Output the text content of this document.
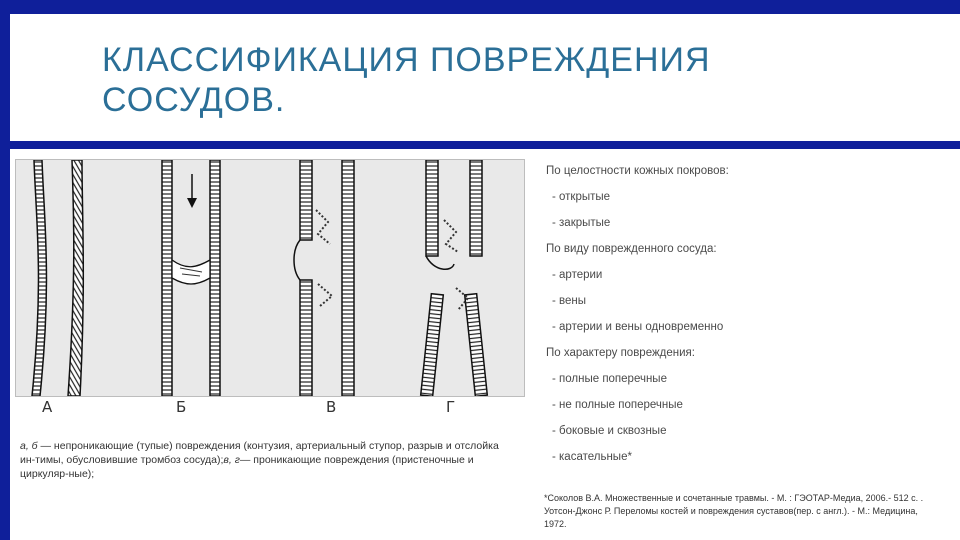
КЛАССИФИКАЦИЯ ПОВРЕЖДЕНИЯ СОСУДОВ.
А	Б	В	Г
а, б — непроникающие (тупые) повреждения (контузия, артериальный ступор, разрыв и отслойка ин-тимы, обусловившие тромбоз сосуда);в, г— проникающие повреждения (пристеночные и циркуляр-ные);
По целостности кожных покровов:
- открытые
- закрытые
По виду поврежденного сосуда:
- артерии
- вены
- артерии и вены одновременно
По характеру повреждения:
- полные поперечные
- не полные поперечные
- боковые и сквозные
- касательные*
*Соколов В.А. Множественные и сочетанные травмы. - М. : ГЭОТАР-Медиа, 2006.- 512 с. . Уотсон-Джонс Р. Переломы костей и повреждения суставов(пер. с англ.). - М.: Медицина, 1972.
